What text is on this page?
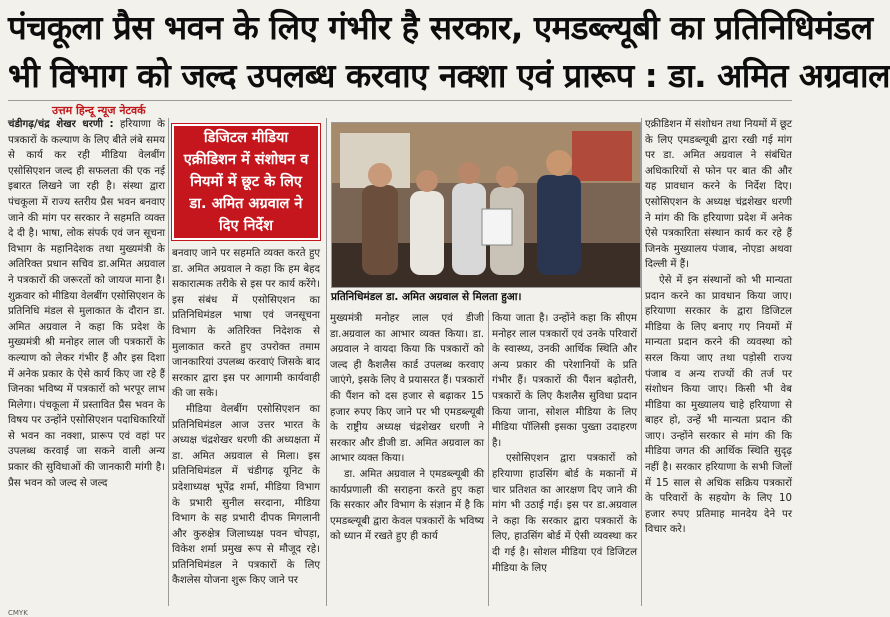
पंचकूला प्रैस भवन के लिए गंभीर है सरकार, एमडब्ल्यूबी का प्रतिनिधिमंडल
भी विभाग को जल्द उपलब्ध करवाए नक्शा एवं प्रारूप : डा. अमित अग्रवाल
उत्तम हिन्दू न्यूज नेटवर्क

चंडीगढ़/चंद्र शेखर धरणी : हरियाणा के पत्रकारों के कल्याण के लिए बीते लंबे समय से कार्य कर रही मीडिया वेलबींग एसोसिएशन जल्द ही सफलता की एक नई इबारत लिखने जा रही है। संस्था द्वारा पंचकूला में राज्य स्तरीय प्रैस भवन बनवाए जाने की मांग पर सरकार ने सहमति व्यक्त दे दी है। भाषा, लोक संपर्क एवं जन सूचना विभाग के महानिदेशक तथा मुख्यमंत्री के अतिरिक्त प्रधान सचिव डा.अमित अग्रवाल ने पत्रकारों की जरूरतों को जायज माना है। शुक्रवार को मीडिया वेलबींग एसोसिएशन के प्रतिनिधि मंडल से मुलाकात के दौरान डा. अमित अग्रवाल ने कहा कि प्रदेश के मुख्यमंत्री श्री मनोहर लाल जी पत्रकारों के कल्याण को लेकर गंभीर हैं और इस दिशा में अनेक प्रकार के ऐसे कार्य किए जा रहे हैं जिनका भविष्य में पत्रकारों को भरपूर लाभ मिलेगा। पंचकूला में प्रस्तावित प्रैस भवन के विषय पर उन्होंने एसोसिएशन पदाधिकारियों से भवन का नक्शा, प्रारूप एवं वहां पर उपलब्ध करवाई जा सकने वाली अन्य प्रकार की सुविधाओं की जानकारी मांगी है। प्रैस भवन को जल्द से जल्द

डिजिटल मीडिया एक्रीडिशन में संशोधन व नियमों में छूट के लिए डा. अमित अग्रवाल ने दिए निर्देश

बनवाए जाने पर सहमति व्यक्त करते हुए डा. अमित अग्रवाल ने कहा कि हम बेहद सकारात्मक तरीके से इस पर कार्य करेंगे। इस संबंध में एसोसिएशन का प्रतिनिधिमंडल भाषा एवं जनसूचना विभाग के अतिरिक्त निदेशक से मुलाकात करते हुए उपरोक्त तमाम जानकारियां उपलब्ध करवाएं जिसके बाद सरकार द्वारा इस पर आगामी कार्यवाही की जा सके।

मीडिया वेलबींग एसोसिएशन का प्रतिनिधिमंडल आज उत्तर भारत के अध्यक्ष चंद्रशेखर धरणी की अध्यक्षता में डा. अमित अग्रवाल से मिला। इस प्रतिनिधिमंडल में चंडीगढ़ यूनिट के प्रदेशाध्यक्ष भूपेंद्र शर्मा, मीडिया विभाग के प्रभारी सुनील सरदाना, मीडिया विभाग के सह प्रभारी दीपक मिगलानी और कुरुक्षेत्र जिलाध्यक्ष पवन चोपड़ा, विकेश शर्मा प्रमुख रूप से मौजूद रहे। प्रतिनिधिमंडल ने पत्रकारों के लिए कैशलेस योजना शुरू किए जाने पर

प्रतिनिधिमंडल डा. अमित अग्रवाल से मिलता हुआ।

मुख्यमंत्री मनोहर लाल एवं डीजी डा.अग्रवाल का आभार व्यक्त किया। डा. अग्रवाल ने वायदा किया कि पत्रकारों को जल्द ही कैशलैस कार्ड उपलब्ध करवाए जाएंगे, इसके लिए वे प्रयासरत हैं। पत्रकारों की पैंशन को दस हजार से बढ़ाकर 15 हजार रुपए किए जाने पर भी एमडब्ल्यूबी के राष्ट्रीय अध्यक्ष चंद्रशेखर धरणी ने सरकार और डीजी डा. अमित अग्रवाल का आभार व्यक्त किया।

डा. अमित अग्रवाल ने एमडब्ल्यूबी की कार्यप्रणाली की सराहना करते हुए कहा कि सरकार और विभाग के संज्ञान में है कि एमडब्ल्यूबी द्वारा केवल पत्रकारों के भविष्य को ध्यान में रखते हुए ही कार्य

किया जाता है। उन्होंने कहा कि सीएम मनोहर लाल पत्रकारों एवं उनके परिवारों के स्वास्थ्य, उनकी आर्थिक स्थिति और अन्य प्रकार की परेशानियों के प्रति गंभीर हैं। पत्रकारों की पैंशन बढ़ोतरी, पत्रकारों के लिए कैशलैस सुविधा प्रदान किया जाना, सोशल मीडिया के लिए मीडिया पॉलिसी इसका पुख्ता उदाहरण है।

एसोसिएशन द्वारा पत्रकारों को हरियाणा हाउसिंग बोर्ड के मकानों में चार प्रतिशत का आरक्षण दिए जाने की मांग भी उठाई गई। इस पर डा.अग्रवाल ने कहा कि सरकार द्वारा पत्रकारों के लिए, हाउसिंग बोर्ड में ऐसी व्यवस्था कर दी गई है। सोशल मीडिया एवं डिजिटल मीडिया के लिए

एक्रीडिशन में संशोधन तथा नियमों में छूट के लिए एमडब्ल्यूबी द्वारा रखी गई मांग पर डा. अमित अग्रवाल ने संबंधित अधिकारियों से फोन पर बात की और यह प्रावधान करने के निर्देश दिए। एसोसिएशन के अध्यक्ष चंद्रशेखर धरणी ने मांग की कि हरियाणा प्रदेश में अनेक ऐसे पत्रकारिता संस्थान कार्य कर रहे हैं जिनके मुख्यालय पंजाब, नोएडा अथवा दिल्ली में हैं।

ऐसे में इन संस्थानों को भी मान्यता प्रदान करने का प्रावधान किया जाए। हरियाणा सरकार के द्वारा डिजिटल मीडिया के लिए बनाए गए नियमों में मान्यता प्रदान करने की व्यवस्था को सरल किया जाए तथा पड़ोसी राज्य पंजाब व अन्य राज्यों की तर्ज पर संशोधन किया जाए। किसी भी वेब मीडिया का मुख्यालय चाहे हरियाणा से बाहर हो, उन्हें भी मान्यता प्रदान की जाए। उन्होंने सरकार से मांग की कि मीडिया जगत की आर्थिक स्थिति सुदृढ़ नहीं है। सरकार हरियाणा के सभी जिलों में 15 साल से अधिक सक्रिय पत्रकारों के परिवारों के सहयोग के लिए 10 हजार रुपए प्रतिमाह मानदेय देने पर विचार करे।

CMYK
